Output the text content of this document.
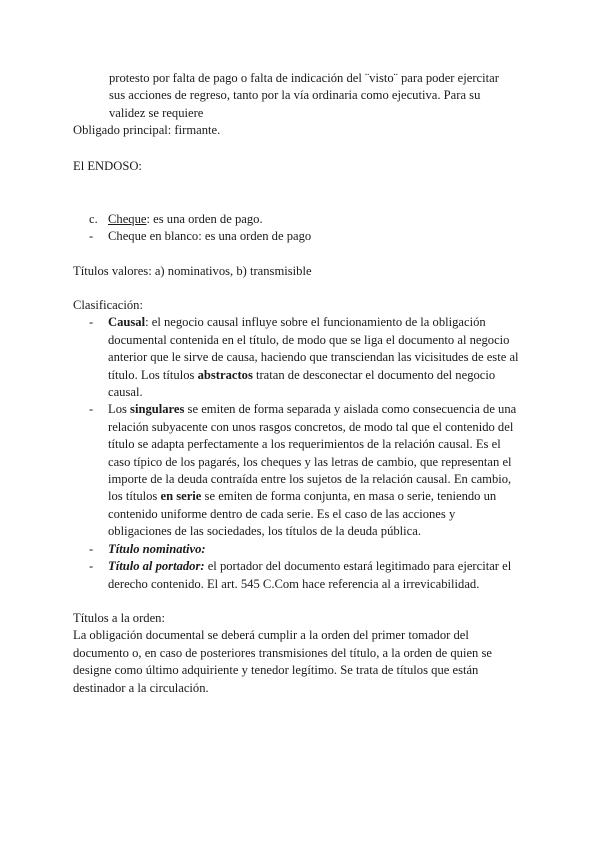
protesto por falta de pago o falta de indicación del ¨visto¨ para poder ejercitar

sus acciones de regreso, tanto por la vía ordinaria como ejecutiva. Para su

validez se requiere

Obligado principal: firmante.

El ENDOSO:

c. Cheque: es una orden de pago.
- Cheque en blanco: es una orden de pago

Títulos valores: a) nominativos, b) transmisible

Clasificación:

- Causal: el negocio causal influye sobre el funcionamiento de la obligación documental contenida en el título, de modo que se liga el documento al negocio anterior que le sirve de causa, haciendo que transciendan las vicisitudes de este al título. Los títulos abstractos tratan de desconectar el documento del negocio causal.
- Los singulares se emiten de forma separada y aislada como consecuencia de una relación subyacente con unos rasgos concretos, de modo tal que el contenido del título se adapta perfectamente a los requerimientos de la relación causal. Es el caso típico de los pagarés, los cheques y las letras de cambio, que representan el importe de la deuda contraída entre los sujetos de la relación causal. En cambio, los títulos en serie se emiten de forma conjunta, en masa o serie, teniendo un contenido uniforme dentro de cada serie. Es el caso de las acciones y obligaciones de las sociedades, los títulos de la deuda pública.
- Título nominativo:
- Título al portador: el portador del documento estará legitimado para ejercitar el derecho contenido. El art. 545 C.Com hace referencia al a irrevicabilidad.

Títulos a la orden:

La obligación documental se deberá cumplir a la orden del primer tomador del documento o, en caso de posteriores transmisiones del título, a la orden de quien se designe como último adquiriente y tenedor legítimo. Se trata de títulos que están destinador a la circulación.
